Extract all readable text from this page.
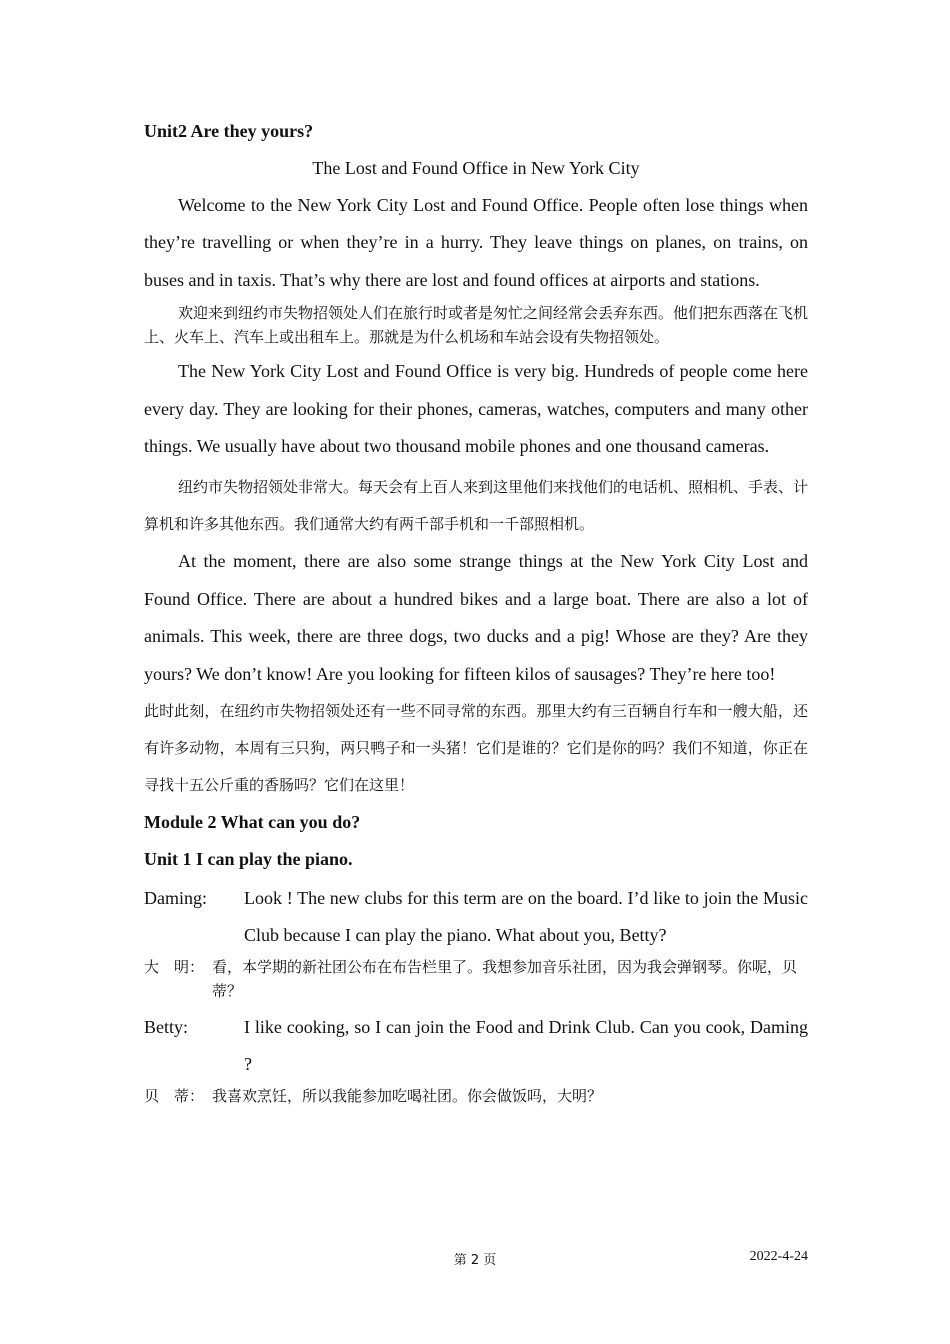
Unit2 Are they yours?

The Lost and Found Office in New York City

Welcome to the New York City Lost and Found Office. People often lose things when they’re travelling or when they’re in a hurry. They leave things on planes, on trains, on buses and in taxis. That’s why there are lost and found offices at airports and stations.

欢迎来到纽约市失物招领处人们在旅行时或者是匆忙之间经常会丢弃东西。他们把东西落在飞机上、火车上、汽车上或出租车上。那就是为什么机场和车站会设有失物招领处。

The New York City Lost and Found Office is very big. Hundreds of people come here every day. They are looking for their phones, cameras, watches, computers and many other things. We usually have about two thousand mobile phones and one thousand cameras.

纽约市失物招领处非常大。每天会有上百人来到这里他们来找他们的电话机、照相机、手表、计算机和许多其他东西。我们通常大约有两千部手机和一千部照相机。

At the moment, there are also some strange things at the New York City Lost and Found Office. There are about a hundred bikes and a large boat. There are also a lot of animals. This week, there are three dogs, two ducks and a pig! Whose are they? Are they yours? We don’t know! Are you looking for fifteen kilos of sausages? They’re here too!

此时此刻，在纽约市失物招领处还有一些不同寻常的东西。那里大约有三百辆自行车和一艘大船，还有许多动物，本周有三只狗，两只鸭子和一头猪！它们是谁的？它们是你的吗？我们不知道，你正在寻找十五公斤重的香肠吗？它们在这里！

Module 2 What can you do?

Unit 1 I can play the piano.

Daming:	Look ! The new clubs for this term are on the board. I’d like to join the Music Club because I can play the piano. What about you, Betty?
大　明： 看，本学期的新社团公布在布告栏里了。我想参加音乐社团，因为我会弹钢琴。你呢，贝蒂？
Betty:	I like cooking, so I can join the Food and Drink Club. Can you cook, Daming ?
贝　蒂： 我喜欢烹饪，所以我能参加吃喝社团。你会做饭吗，大明？
第 2 页	2022-4-24
